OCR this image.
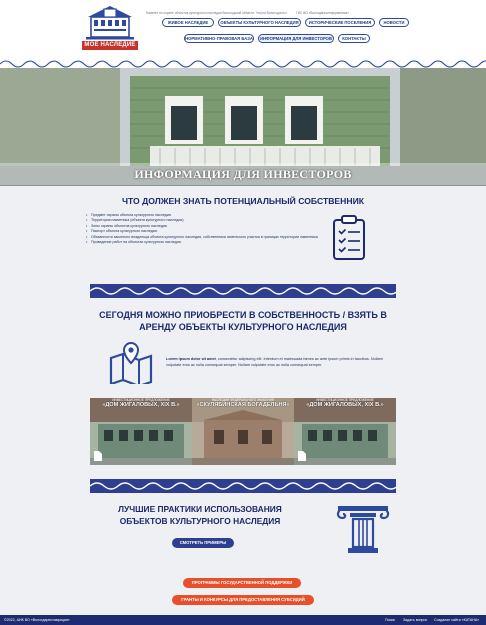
МОЕ НАСЛЕДИЕ
Комитет по охране объектов культурного наследия Вологодской области Услуги Вологодского	ГИС ВО «Вологдагеоинформатика»
ЖИВОЕ НАСЛЕДИЕ	ОБЪЕКТЫ КУЛЬТУРНОГО НАСЛЕДИЯ	ИСТОРИЧЕСКИЕ ПОСЕЛЕНИЯ	НОВОСТИ
НОРМАТИВНО-ПРАВОВАЯ БАЗА	ИНФОРМАЦИЯ ДЛЯ ИНВЕСТОРОВ	КОНТАКТЫ
ИНФОРМАЦИЯ ДЛЯ ИНВЕСТОРОВ
ЧТО ДОЛЖЕН ЗНАТЬ ПОТЕНЦИАЛЬНЫЙ СОБСТВЕННИК
• Предмет охраны объекта культурного наследия
• Территория памятника (объекта культурного наследия)
• Зоны охраны объектов культурного наследия
• Паспорт объекта культурного наследия
• Обязанности законного владельца объекта культурного наследия, собственника земельного участка в границах территории памятника
• Проведение работ на объектах культурного наследия
СЕГОДНЯ МОЖНО ПРИОБРЕСТИ В СОБСТВЕННОСТЬ / ВЗЯТЬ В
АРЕНДУ ОБЪЕКТЫ КУЛЬТУРНОГО НАСЛЕДИЯ

Lorem ipsum dolor sit amet, consectetur adipiscing elit. Interdum et malesuada fames ac ante ipsum primis in faucibus. Nullam vulputate eros ac nulla consequat semper. Nullam vulputate eros ac nulla consequat semper.

ИНВЕСТИЦИОННОЕ ПРЕДЛОЖЕНИЕ
«ДОМ ЖИГАЛОВЫХ, XIX В.»
НАСЛЕДИЯ ФЕДЕРАЛЬНОГО ЗНАЧЕНИЯ
«СКУЛЯБИНСКАЯ БОГАДЕЛЬНЯ»
ИНВЕСТИЦИОННОЕ ПРЕДЛОЖЕНИЕ
«ДОМ ЖИГАЛОВЫХ, XIX В.»
ЛУЧШИЕ ПРАКТИКИ ИСПОЛЬЗОВАНИЯ
ОБЪЕКТОВ КУЛЬТУРНОГО НАСЛЕДИЯ
СМОТРЕТЬ ПРИМЕРЫ
ПРОГРАММЫ ГОСУДАРСТВЕННОЙ ПОДДЕРЖКИ
ГРАНТЫ И КОНКУРСЫ ДЛЯ ПРЕДОСТАВЛЕНИЯ СУБСИДИЙ
©2022, АИК ВО «Вологдареставрация»	Поиск Задать вопрос Создание сайта «КАТАНА»
